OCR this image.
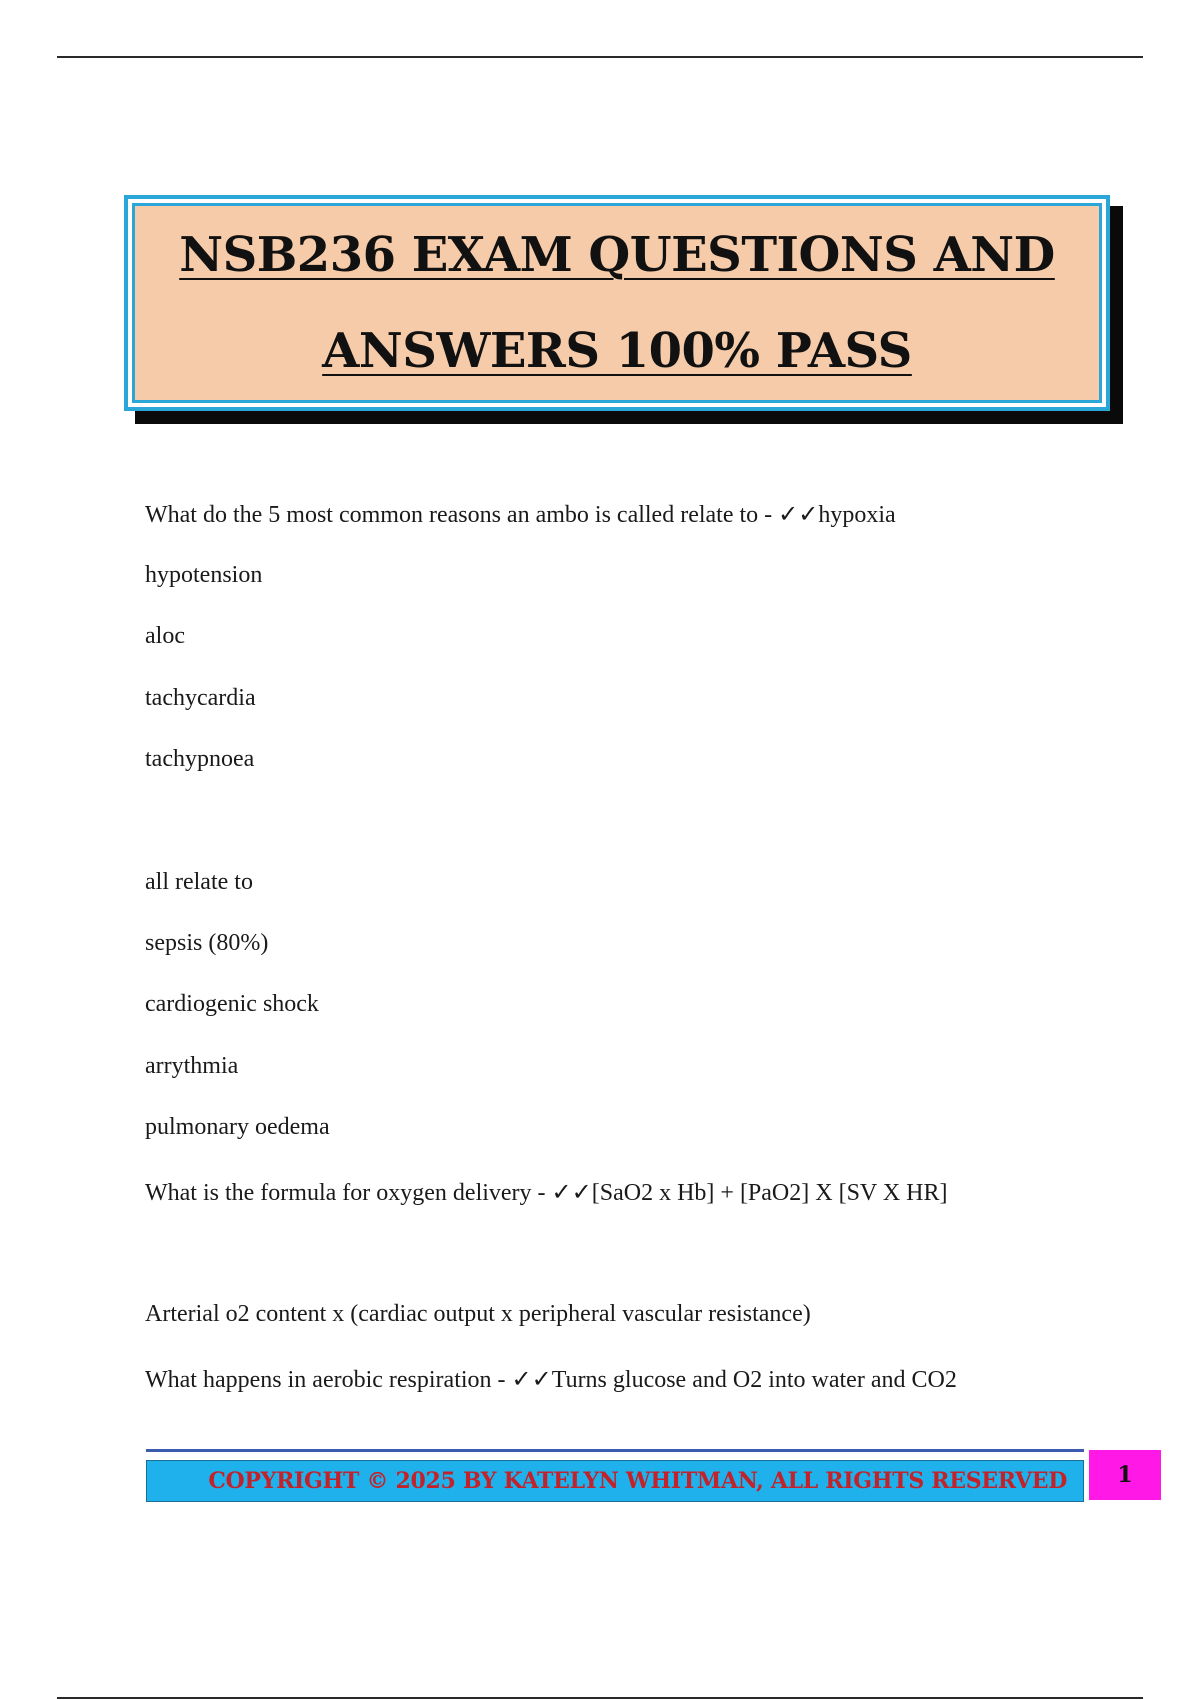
NSB236 EXAM QUESTIONS AND
ANSWERS 100% PASS
What do the 5 most common reasons an ambo is called relate to - ✓✓hypoxia
hypotension
aloc
tachycardia
tachypnoea
all relate to
sepsis (80%)
cardiogenic shock
arrythmia
pulmonary oedema
What is the formula for oxygen delivery - ✓✓[SaO2 x Hb] + [PaO2] X [SV X HR]
Arterial o2 content x (cardiac output x peripheral vascular resistance)
What happens in aerobic respiration - ✓✓Turns glucose and O2 into water and CO2
COPYRIGHT © 2025 BY KATELYN WHITMAN, ALL RIGHTS RESERVED 1
